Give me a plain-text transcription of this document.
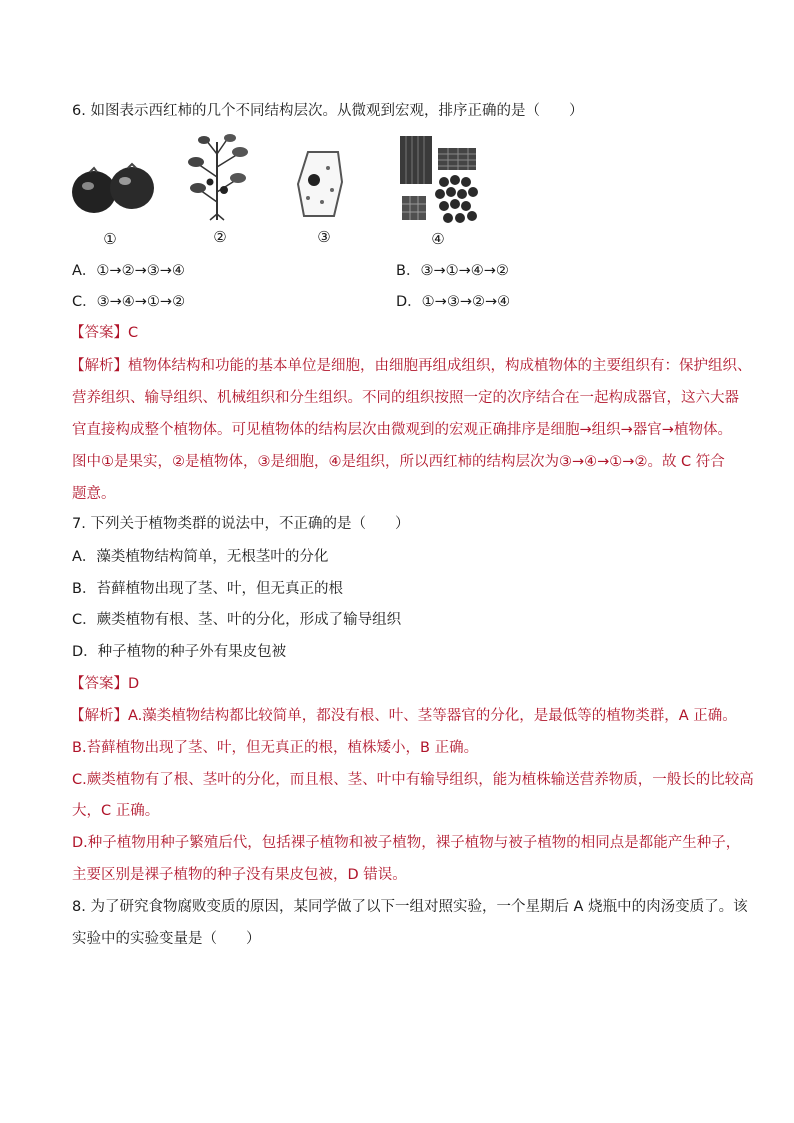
6. 如图表示西红柿的几个不同结构层次。从微观到宏观，排序正确的是（　　）
①	②	③	④
A．①→②→③→④	B．③→①→④→②
C．③→④→①→②	D．①→③→②→④
【答案】C
【解析】植物体结构和功能的基本单位是细胞，由细胞再组成组织，构成植物体的主要组织有：保护组织、
营养组织、输导组织、机械组织和分生组织。不同的组织按照一定的次序结合在一起构成器官，这六大器
官直接构成整个植物体。可见植物体的结构层次由微观到的宏观正确排序是细胞→组织→器官→植物体。
图中①是果实，②是植物体，③是细胞，④是组织，所以西红柿的结构层次为③→④→①→②。故 C 符合
题意。
7. 下列关于植物类群的说法中，不正确的是（　　）
A．藻类植物结构简单，无根茎叶的分化
B．苔藓植物出现了茎、叶，但无真正的根
C．蕨类植物有根、茎、叶的分化，形成了输导组织
D．种子植物的种子外有果皮包被
【答案】D
【解析】A.藻类植物结构都比较简单，都没有根、叶、茎等器官的分化，是最低等的植物类群，A 正确。
B.苔藓植物出现了茎、叶，但无真正的根，植株矮小，B 正确。
C.蕨类植物有了根、茎叶的分化，而且根、茎、叶中有输导组织，能为植株输送营养物质，一般长的比较高
大，C 正确。
D.种子植物用种子繁殖后代，包括裸子植物和被子植物，裸子植物与被子植物的相同点是都能产生种子，
主要区别是裸子植物的种子没有果皮包被，D 错误。
8. 为了研究食物腐败变质的原因，某同学做了以下一组对照实验，一个星期后 A 烧瓶中的肉汤变质了。该
实验中的实验变量是（　　）
